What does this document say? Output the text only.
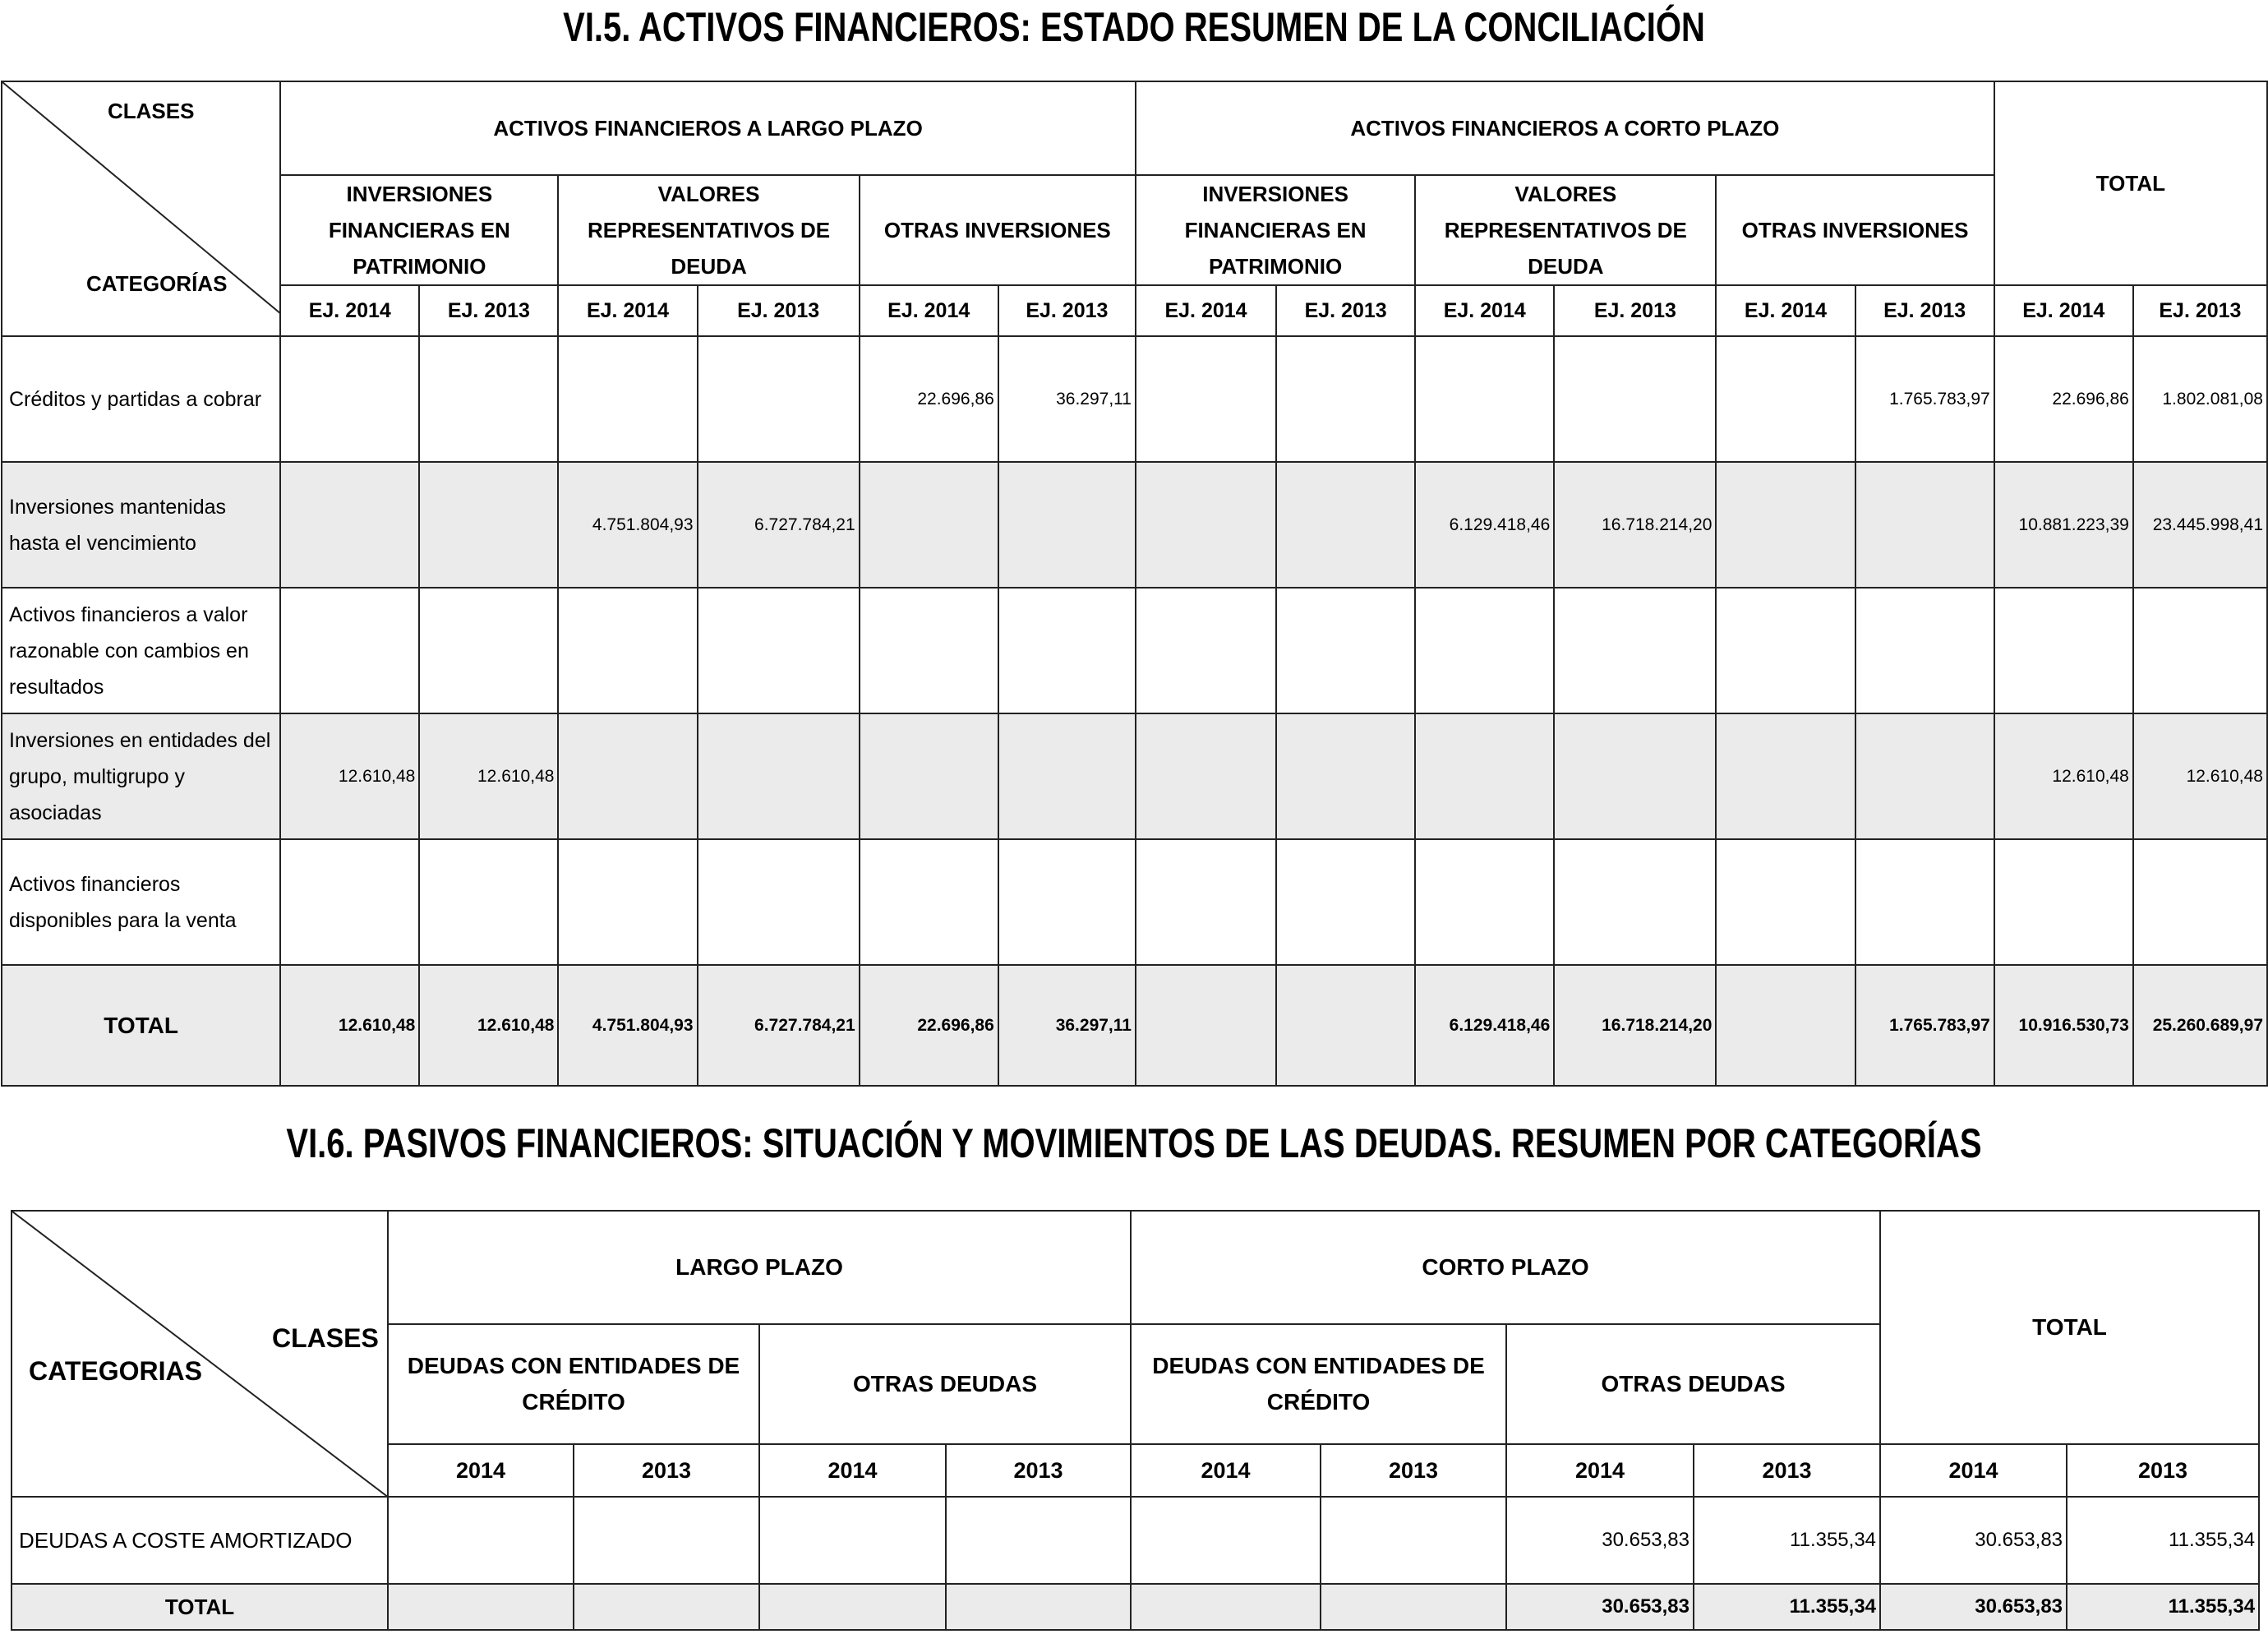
VI.5. ACTIVOS FINANCIEROS: ESTADO RESUMEN DE LA CONCILIACIÓN
CLASES
CATEGORÍAS	ACTIVOS FINANCIEROS A LARGO PLAZO						ACTIVOS FINANCIEROS A CORTO PLAZO						TOTAL	
	INVERSIONES FINANCIERAS EN PATRIMONIO		VALORES REPRESENTATIVOS DE DEUDA		OTRAS INVERSIONES		INVERSIONES FINANCIERAS EN PATRIMONIO		VALORES REPRESENTATIVOS DE DEUDA		OTRAS INVERSIONES			
	EJ. 2014	EJ. 2013	EJ. 2014	EJ. 2013	EJ. 2014	EJ. 2013	EJ. 2014	EJ. 2013	EJ. 2014	EJ. 2013	EJ. 2014	EJ. 2013	EJ. 2014	EJ. 2013
Créditos y partidas a cobrar					22.696,86	36.297,11						1.765.783,97	22.696,86	1.802.081,08
Inversiones mantenidas hasta el vencimiento			4.751.804,93	6.727.784,21					6.129.418,46	16.718.214,20			10.881.223,39	23.445.998,41
Activos financieros a valor razonable con cambios en resultados														
Inversiones en entidades del grupo, multigrupo y asociadas	12.610,48	12.610,48											12.610,48	12.610,48
Activos financieros disponibles para la venta														
TOTAL	12.610,48	12.610,48	4.751.804,93	6.727.784,21	22.696,86	36.297,11			6.129.418,46	16.718.214,20		1.765.783,97	10.916.530,73	25.260.689,97
VI.6. PASIVOS FINANCIEROS: SITUACIÓN Y MOVIMIENTOS DE LAS DEUDAS. RESUMEN POR CATEGORÍAS
CLASES
CATEGORIAS	LARGO PLAZO				CORTO PLAZO				TOTAL	
	DEUDAS CON ENTIDADES DE CRÉDITO		OTRAS DEUDAS		DEUDAS CON ENTIDADES DE CRÉDITO		OTRAS DEUDAS			
	2014	2013	2014	2013	2014	2013	2014	2013	2014	2013
DEUDAS A COSTE AMORTIZADO							30.653,83	11.355,34	30.653,83	11.355,34
TOTAL							30.653,83	11.355,34	30.653,83	11.355,34
